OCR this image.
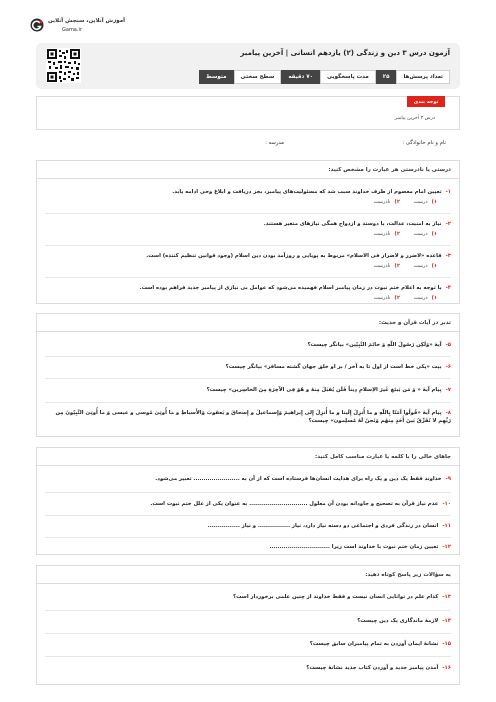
آموزش آنلاین، سنجش آنلاین
Gama.ir
آزمون درس ۳ دین و زندگی (۲) یازدهم انسانی | آخرین پیامبر
تعداد پرسش‌ها
۲۵
مدت پاسخگویی
۷۰ دقیقه
سطح سختی
متوسط
توجه بندی
درس ۳ آخرین پیامبر
نام و نام خانوادگی :
مدرسه :
درستی یا نادرستی هر عبارت را مشخص کنید:
۱-تعیین امام معصوم از طرف خداوند سبب شد که مسئولیت‌های پیامبر، بجز دریافت و ابلاغ وحی ادامه یابد.
۱)درست
۲)نادرست
۲-نیاز به امنیت، عدالت، با دوستد و ازدواج همگی نیازهای متغیر هستند.
۱)درست
۲)نادرست
۳-قاعده «لاضرر و لاضرار فی الاسلام» مربوط به پویایی و روزآمد بودن دین اسلام (وجود قوانین تنظیم کننده) است.
۱)درست
۲)نادرست
۴-با توجه به اعلام ختم نبوت در زمان پیامبر اسلام فهمیده می‌شود که عوامل بی نیازی از پیامبر جدید فراهم بوده است.
۱)درست
۲)نادرست
تدبر در آیات قرآن و حدیث:
۵-آیهٔ «وَلٰکِن رَسُولَ اللّهِ وَ خاتَمَ النَّبِیّین» بیانگر چیست؟
۶-بیت «یکی خط است از اول تا به آخر / بر او خلق جهان گشته مسافر» بیانگر چیست؟
۷-پیام آیهٔ « وَ مَن یَبتَغِ غَیرَ الاِسلامِ دِیناً فَلَن یُقبَلَ مِنهُ و هُوَ فِی الآخِرَةِ مِنَ الخاسِرین» چیست؟
۸-پیام آیهٔ «قُولُوا آمَنّا بِاللّهِ و ما أُنزِلَ إِلَینا و ما أُنزِلَ إِلی إِبراهیمَ وَإِسماعیلَ و إِسحاقَ و یَعقوبَ وَالأَسباطِ و ما أُوتِیَ مُوسی و عیسی وَ ما أُوتِیَ النَّبِیّونَ مِن رَبِّهِم لا نُفَرِّقُ بَینَ أَحَدٍ مِنهُم وَنَحنُ لَهُ مُسلِمون» چیست؟
جاهای خالی را با کلمه یا عبارت مناسب کامل کنید:
۹-خداوند فقط یک دین و یک راه برای هدایت انسان‌ها فرستاده است که از آن به ....................... تعبیر می‌شود.
۱۰-عدم نیاز قرآن به تصحیح و جاودانه بودن آن معلول ............................. به عنوان یکی از علل ختم نبوت است.
۱۱-انسان در زندگی فردی و اجتماعی دو دسته نیاز دارد، نیاز ................ و نیاز ................
۱۲-تعیین زمان ختم نبوت با خداوند است زیرا ..............................
به سؤالات زیر پاسخ کوتاه دهید:
۱۳-کدام علم در توانایی انسان نیست و فقط خداوند از چنین علمی برخوردار است؟
۱۴-لازمهٔ ماندگاری یک دین چیست؟
۱۵-نشانهٔ ایمان آوردن به تمام پیامبران سابق چیست؟
۱۶-آمدن پیامبر جدید و آوردن کتاب جدید نشانهٔ چیست؟
